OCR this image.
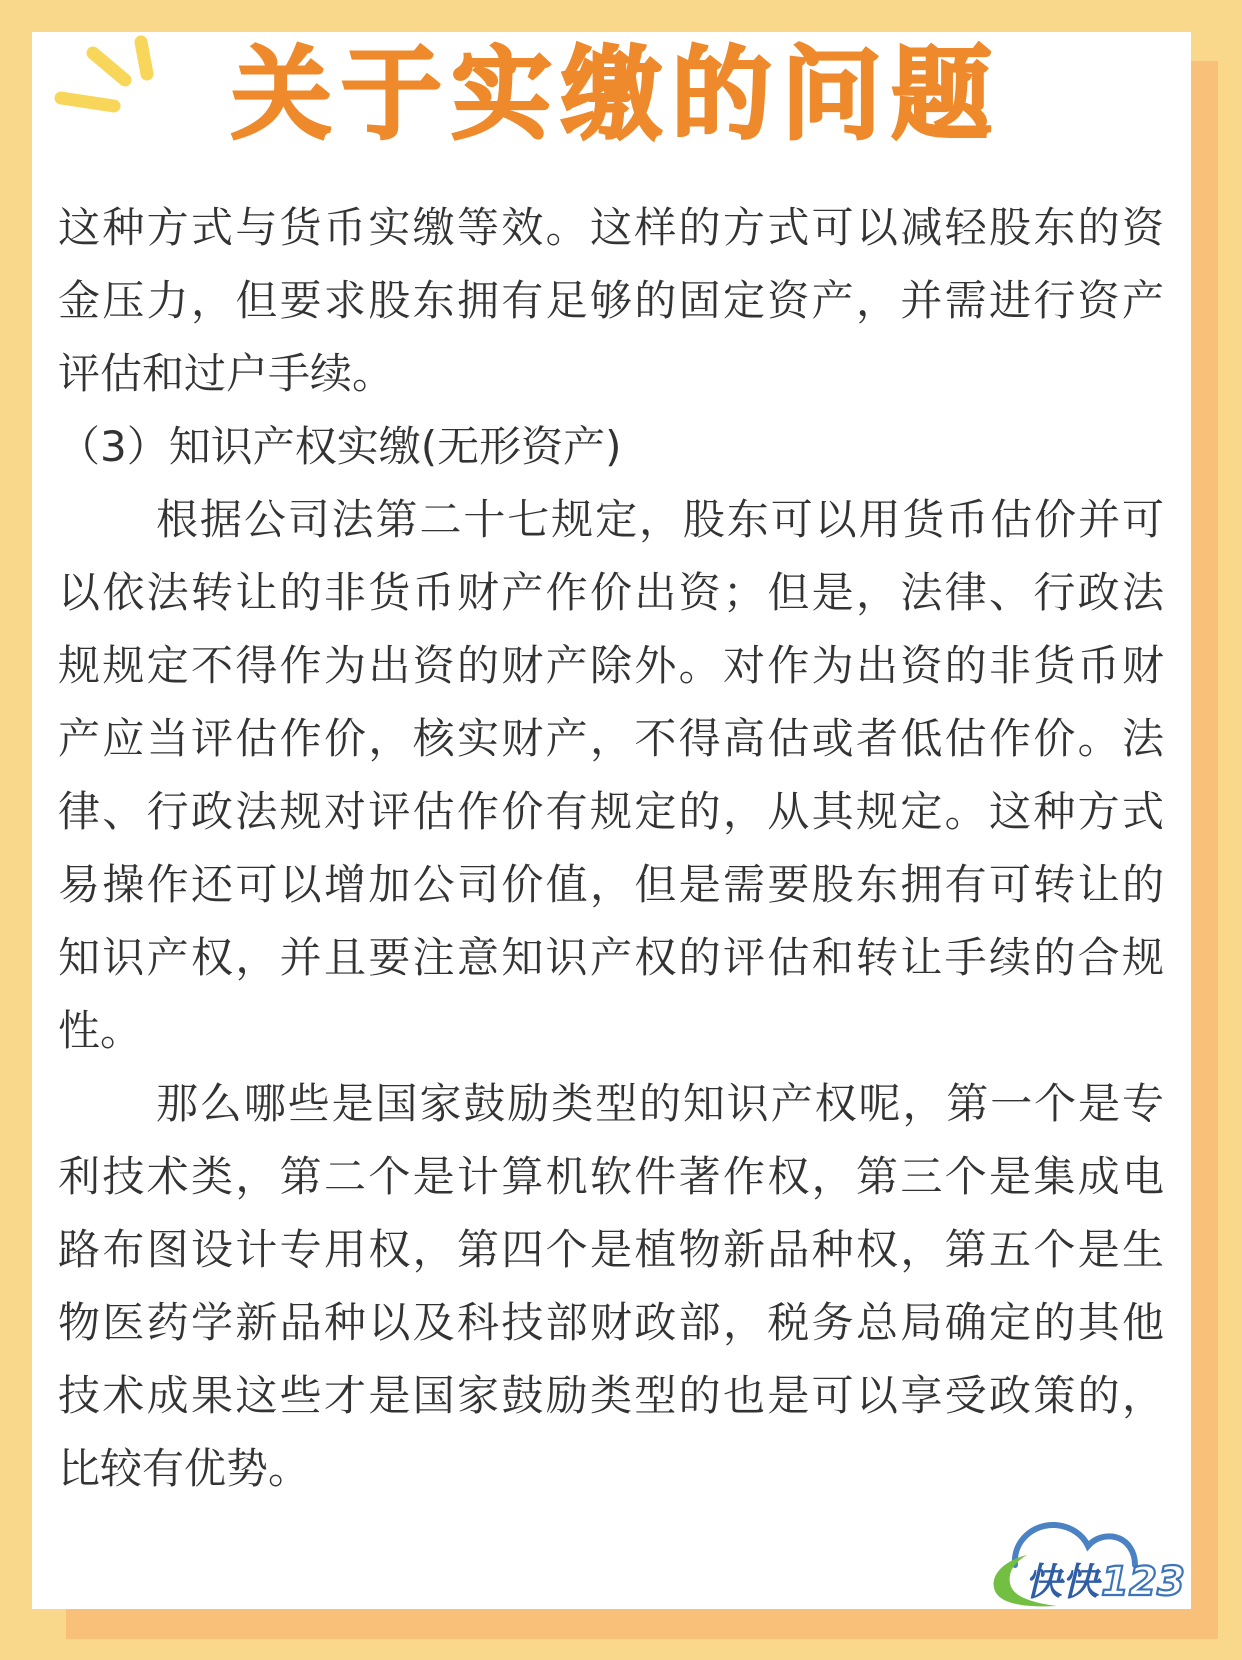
关于实缴的问题
这种方式与货币实缴等效。这样的方式可以减轻股东的资
金压力，但要求股东拥有足够的固定资产，并需进行资产
评估和过户手续。
（3）知识产权实缴(无形资产)
根据公司法第二十七规定，股东可以用货币估价并可
以依法转让的非货币财产作价出资；但是，法律、行政法
规规定不得作为出资的财产除外。对作为出资的非货币财
产应当评估作价，核实财产，不得高估或者低估作价。法
律、行政法规对评估作价有规定的，从其规定。这种方式
易操作还可以增加公司价值，但是需要股东拥有可转让的
知识产权，并且要注意知识产权的评估和转让手续的合规
性。
那么哪些是国家鼓励类型的知识产权呢，第一个是专
利技术类，第二个是计算机软件著作权，第三个是集成电
路布图设计专用权，第四个是植物新品种权，第五个是生
物医药学新品种以及科技部财政部，税务总局确定的其他
技术成果这些才是国家鼓励类型的也是可以享受政策的，
比较有优势。
快快
123
